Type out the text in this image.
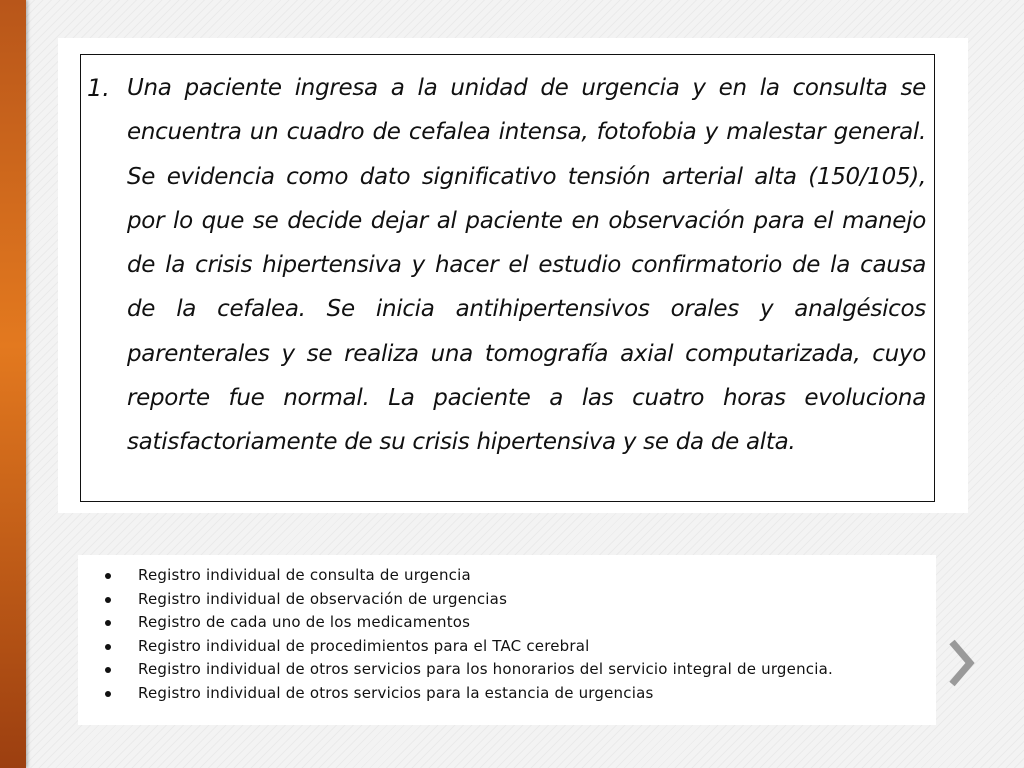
1. Una paciente ingresa a la unidad de urgencia y en la consulta se encuentra un cuadro de cefalea intensa, fotofobia y malestar general. Se evidencia como dato significativo tensión arterial alta (150/105), por lo que se decide dejar al paciente en observación para el manejo de la crisis hipertensiva y hacer el estudio confirmatorio de la causa de la cefalea. Se inicia antihipertensivos orales y analgésicos parenterales y se realiza una tomografía axial computarizada, cuyo reporte fue normal. La paciente a las cuatro horas evoluciona satisfactoriamente de su crisis hipertensiva y se da de alta.

Registro individual de consulta de urgencia
Registro individual de observación de urgencias
Registro de cada uno de los medicamentos
Registro individual de procedimientos para el TAC cerebral
Registro individual de otros servicios para los honorarios del servicio integral de urgencia.
Registro individual de otros servicios para la estancia de urgencias
